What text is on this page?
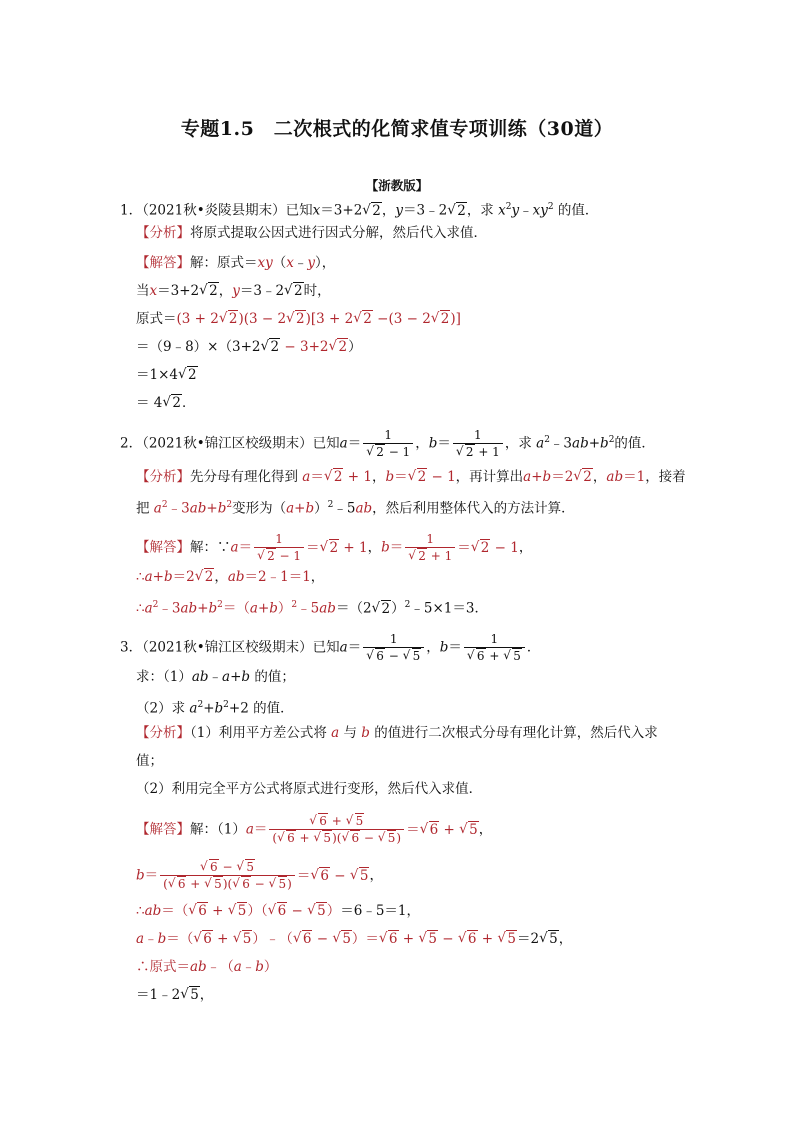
专题1.5　二次根式的化简求值专项训练（30道）
【浙教版】
1．（2021秋•炎陵县期末）已知x＝3+2√ 2，y＝3﹣2√ 2，求 $x^2y﹣xy^2$ 的值．
【分析】将原式提取公因式进行因式分解，然后代入求值．
【解答】解：原式＝xy（x﹣y），
当x＝3+2√ 2，y＝3﹣2√ 2时，
原式＝(3 + 2√ 2)(3 − 2√ 2)[3 + 2√ 2 −(3 − 2√ 2)]
＝（9﹣8）×（3+2√ 2 − 3+2√ 2）
＝1×4√ 2
＝ 4√ 2．
2．（2021秋•锦江区校级期末）已知a＝ 1
√ 2 − 1 ，b＝ 1
√ 2 + 1 ，求 $a^2﹣3ab+b^2$的值．
【分析】先分母有理化得到 a＝√ 2 + 1，b＝√ 2 − 1，再计算出a+b＝2√ 2，ab＝1，接着
把 $a^2﹣3ab+b^2$变形为$(a+b)^2﹣5ab$，然后利用整体代入的方法计算．
【解答】解：∵a＝ 1
√ 2 − 1 ＝√ 2 + 1，b＝ 1
√ 2 + 1 ＝√ 2 − 1，
∴a+b＝2√ 2，ab＝2﹣1＝1，
$\therefore a^2﹣3ab+b^2=(a+b)^2﹣5ab=(2√$ 2）$^2$﹣5×1＝3．
3．（2021秋•锦江区校级期末）已知a＝ 1
√ 6 − √ 5 ，b＝ 1
√ 6 + √ 5 ．
求：（1）ab﹣a+b 的值；
（2）求 $a^2+b^2+2$ 的值．
【分析】（1）利用平方差公式将 a 与 b 的值进行二次根式分母有理化计算，然后代入求
值；
（2）利用完全平方公式将原式进行变形，然后代入求值．
【解答】解：（1）a＝
√ $\frac{6 + √ 5}{(√ 6 + √ 5)(√ 6 - √ 5)}$ ＝√ 6 + √ 5，
b＝
√ $\frac{6 - √ 5}{(√ 6 + √ 5)(√ 6 - √ 5)}$ ＝√ 6 − √ 5，
∴ab＝（√ 6 + √ 5）（√ 6 − √ 5）＝6﹣5＝1，
a﹣b＝（√ 6 + √ 5）﹣（√ 6 − √ 5）＝√ 6 + √ 5 − √ 6 + √ 5＝2√ 5，
∴原式＝ab﹣（a﹣b）
＝1﹣2√ 5，
